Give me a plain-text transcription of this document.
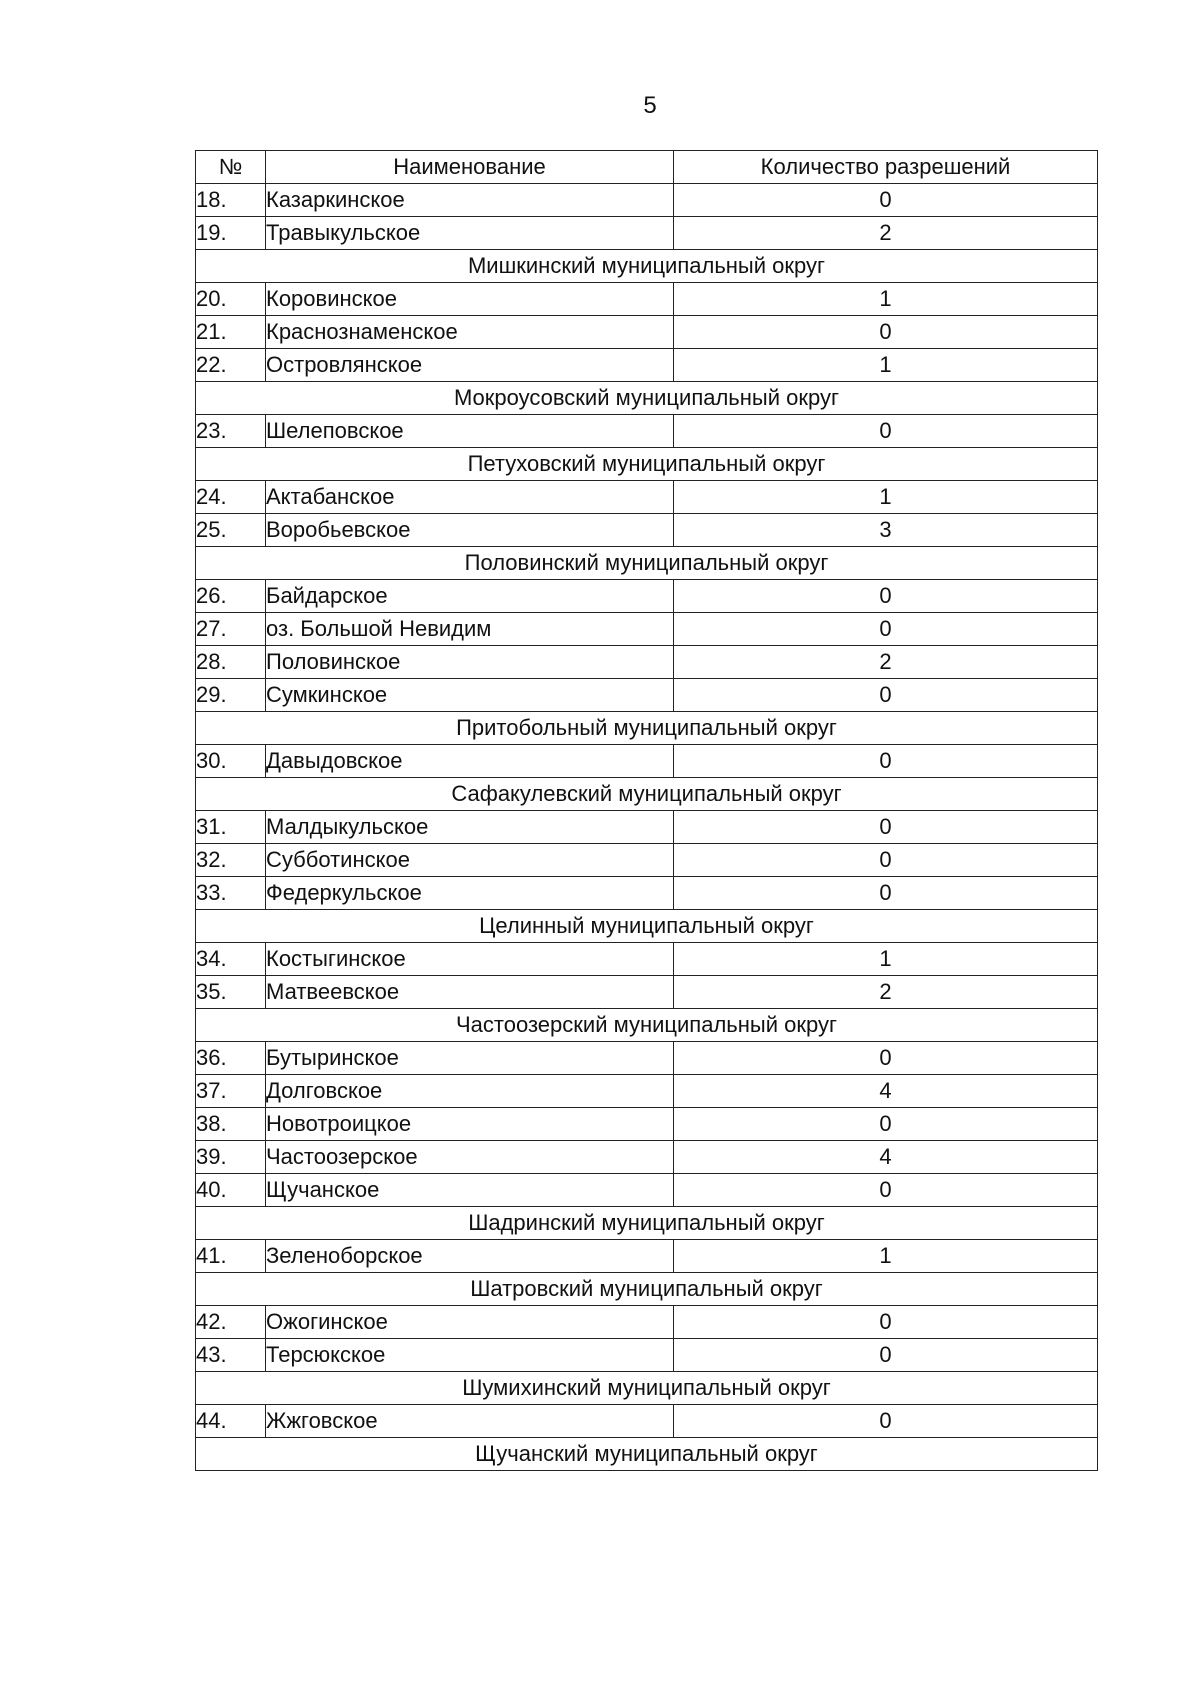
5
№	Наименование	Количество разрешений
18.	Казаркинское	0
19.	Травыкульское	2
Мишкинский муниципальный округ		
20.	Коровинское	1
21.	Краснознаменское	0
22.	Островлянское	1
Мокроусовский муниципальный округ		
23.	Шелеповское	0
Петуховский муниципальный округ		
24.	Актабанское	1
25.	Воробьевское	3
Половинский муниципальный округ		
26.	Байдарское	0
27.	оз. Большой Невидим	0
28.	Половинское	2
29.	Сумкинское	0
Притобольный муниципальный округ		
30.	Давыдовское	0
Сафакулевский муниципальный округ		
31.	Малдыкульское	0
32.	Субботинское	0
33.	Федеркульское	0
Целинный муниципальный округ		
34.	Костыгинское	1
35.	Матвеевское	2
Частоозерский муниципальный округ		
36.	Бутыринское	0
37.	Долговское	4
38.	Новотроицкое	0
39.	Частоозерское	4
40.	Щучанское	0
Шадринский муниципальный округ		
41.	Зеленоборское	1
Шатровский муниципальный округ		
42.	Ожогинское	0
43.	Терсюкское	0
Шумихинский муниципальный округ		
44.	Жжговское	0
Щучанский муниципальный округ		
